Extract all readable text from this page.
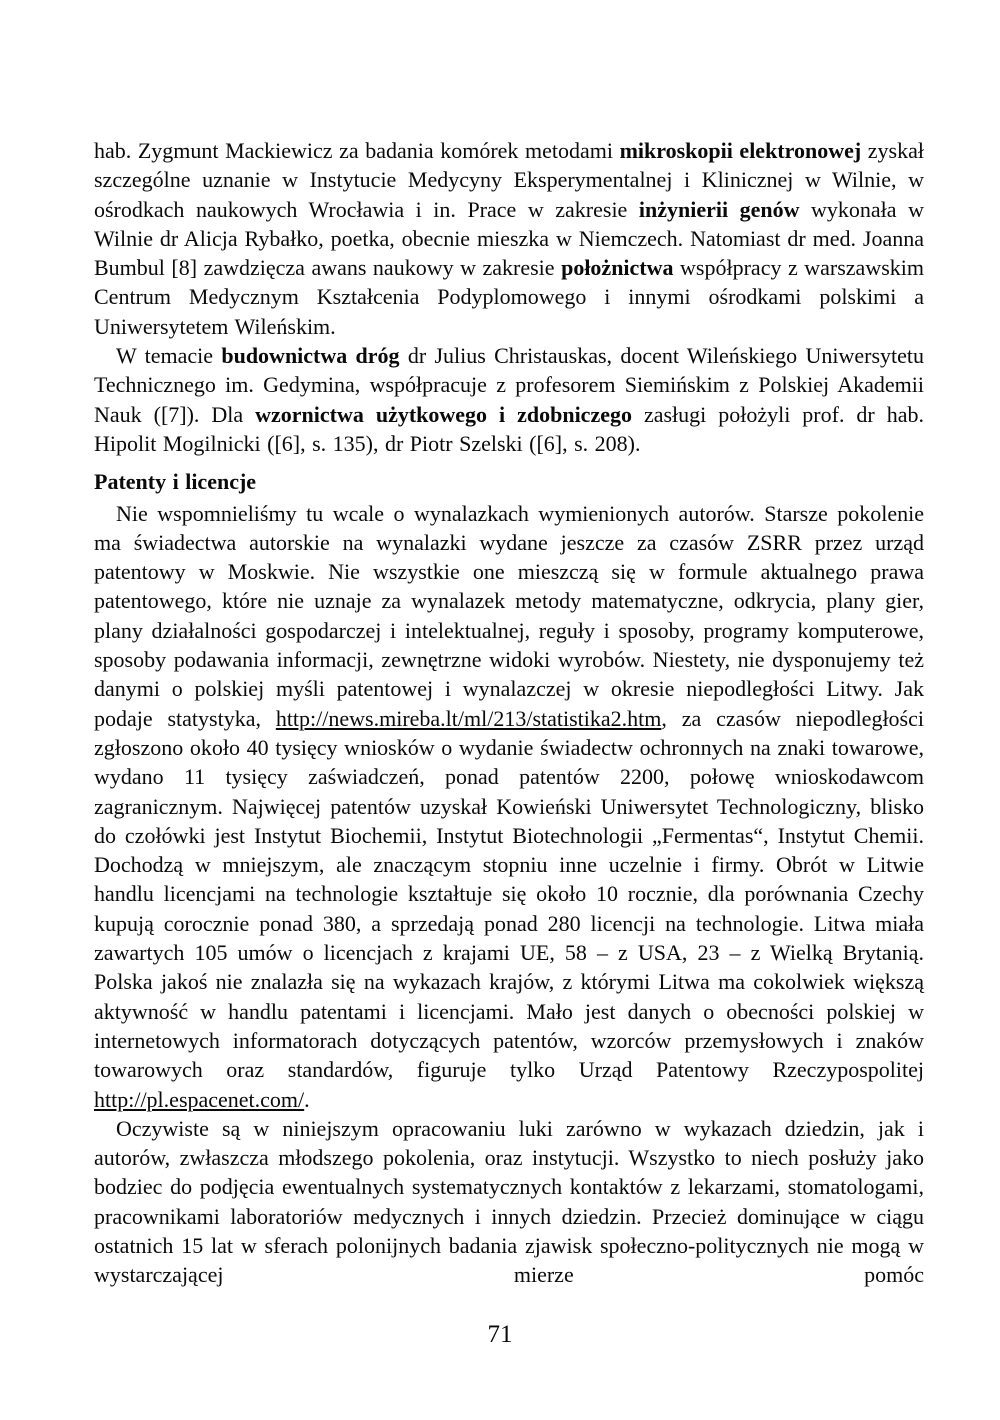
hab. Zygmunt Mackiewicz za badania komórek metodami mikroskopii elektronowej zyskał szczególne uznanie w Instytucie Medycyny Eksperymentalnej i Klinicznej w Wilnie, w ośrodkach naukowych Wrocławia i in. Prace w zakresie inżynierii genów wykonała w Wilnie dr Alicja Rybałko, poetka, obecnie mieszka w Niemczech. Natomiast dr med. Joanna Bumbul [8] zawdzięcza awans naukowy w zakresie położnictwa współpracy z warszawskim Centrum Medycznym Kształcenia Podyplomowego i innymi ośrodkami polskimi a Uniwersytetem Wileńskim.

W temacie budownictwa dróg dr Julius Christauskas, docent Wileńskiego Uniwersytetu Technicznego im. Gedymina, współpracuje z profesorem Siemińskim z Polskiej Akademii Nauk ([7]). Dla wzornictwa użytkowego i zdobniczego zasługi położyli prof. dr hab. Hipolit Mogilnicki ([6], s. 135), dr Piotr Szelski ([6], s. 208).

Patenty i licencje

Nie wspomnieliśmy tu wcale o wynalazkach wymienionych autorów. Starsze pokolenie ma świadectwa autorskie na wynalazki wydane jeszcze za czasów ZSRR przez urząd patentowy w Moskwie. Nie wszystkie one mieszczą się w formule aktualnego prawa patentowego, które nie uznaje za wynalazek metody matematyczne, odkrycia, plany gier, plany działalności gospodarczej i intelektualnej, reguły i sposoby, programy komputerowe, sposoby podawania informacji, zewnętrzne widoki wyrobów. Niestety, nie dysponujemy też danymi o polskiej myśli patentowej i wynalazczej w okresie niepodległości Litwy. Jak podaje statystyka, http://news.mireba.lt/ml/213/statistika2.htm, za czasów niepodległości zgłoszono około 40 tysięcy wniosków o wydanie świadectw ochronnych na znaki towarowe, wydano 11 tysięcy zaświadczeń, ponad patentów 2200, połowę wnioskodawcom zagranicznym. Najwięcej patentów uzyskał Kowieński Uniwersytet Technologiczny, blisko do czołówki jest Instytut Biochemii, Instytut Biotechnologii „Fermentas“, Instytut Chemii. Dochodzą w mniejszym, ale znaczącym stopniu inne uczelnie i firmy. Obrót w Litwie handlu licencjami na technologie kształtuje się około 10 rocznie, dla porównania Czechy kupują corocznie ponad 380, a sprzedają ponad 280 licencji na technologie. Litwa miała zawartych 105 umów o licencjach z krajami UE, 58 – z USA, 23 – z Wielką Brytanią. Polska jakoś nie znalazła się na wykazach krajów, z którymi Litwa ma cokolwiek większą aktywność w handlu patentami i licencjami. Mało jest danych o obecności polskiej w internetowych informatorach dotyczących patentów, wzorców przemysłowych i znaków towarowych oraz standardów, figuruje tylko Urząd Patentowy Rzeczypospolitej http://pl.espacenet.com/.

Oczywiste są w niniejszym opracowaniu luki zarówno w wykazach dziedzin, jak i autorów, zwłaszcza młodszego pokolenia, oraz instytucji. Wszystko to niech posłuży jako bodziec do podjęcia ewentualnych systematycznych kontaktów z lekarzami, stomatologami, pracownikami laboratoriów medycznych i innych dziedzin. Przecież dominujące w ciągu ostatnich 15 lat w sferach polonijnych badania zjawisk społeczno-politycznych nie mogą w wystarczającej mierze pomóc

71
